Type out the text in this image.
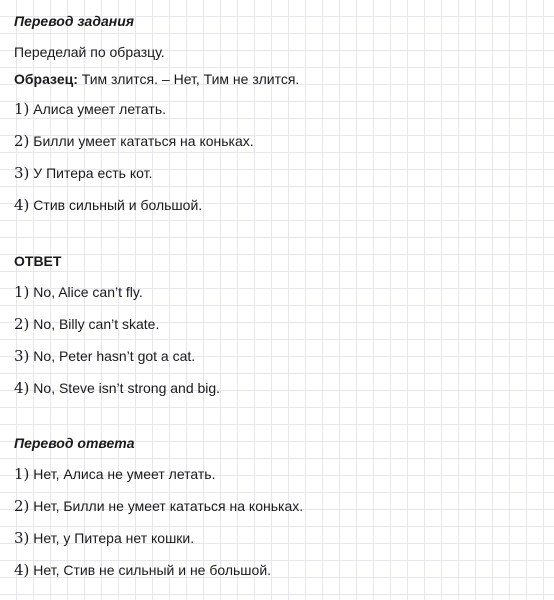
Перевод задания
Переделай по образцу.
Образец: Тим злится. – Нет, Тим не злится.
1) Алиса умеет летать.
2) Билли умеет кататься на коньках.
3) У Питера есть кот.
4) Стив сильный и большой.
ОТВЕТ
1) No, Alice can’t fly.
2) No, Billy can’t skate.
3) No, Peter hasn’t got a cat.
4) No, Steve isn’t strong and big.
Перевод ответа
1) Нет, Алиса не умеет летать.
2) Нет, Билли не умеет кататься на коньках.
3) Нет, у Питера нет кошки.
4) Нет, Стив не сильный и не большой.
